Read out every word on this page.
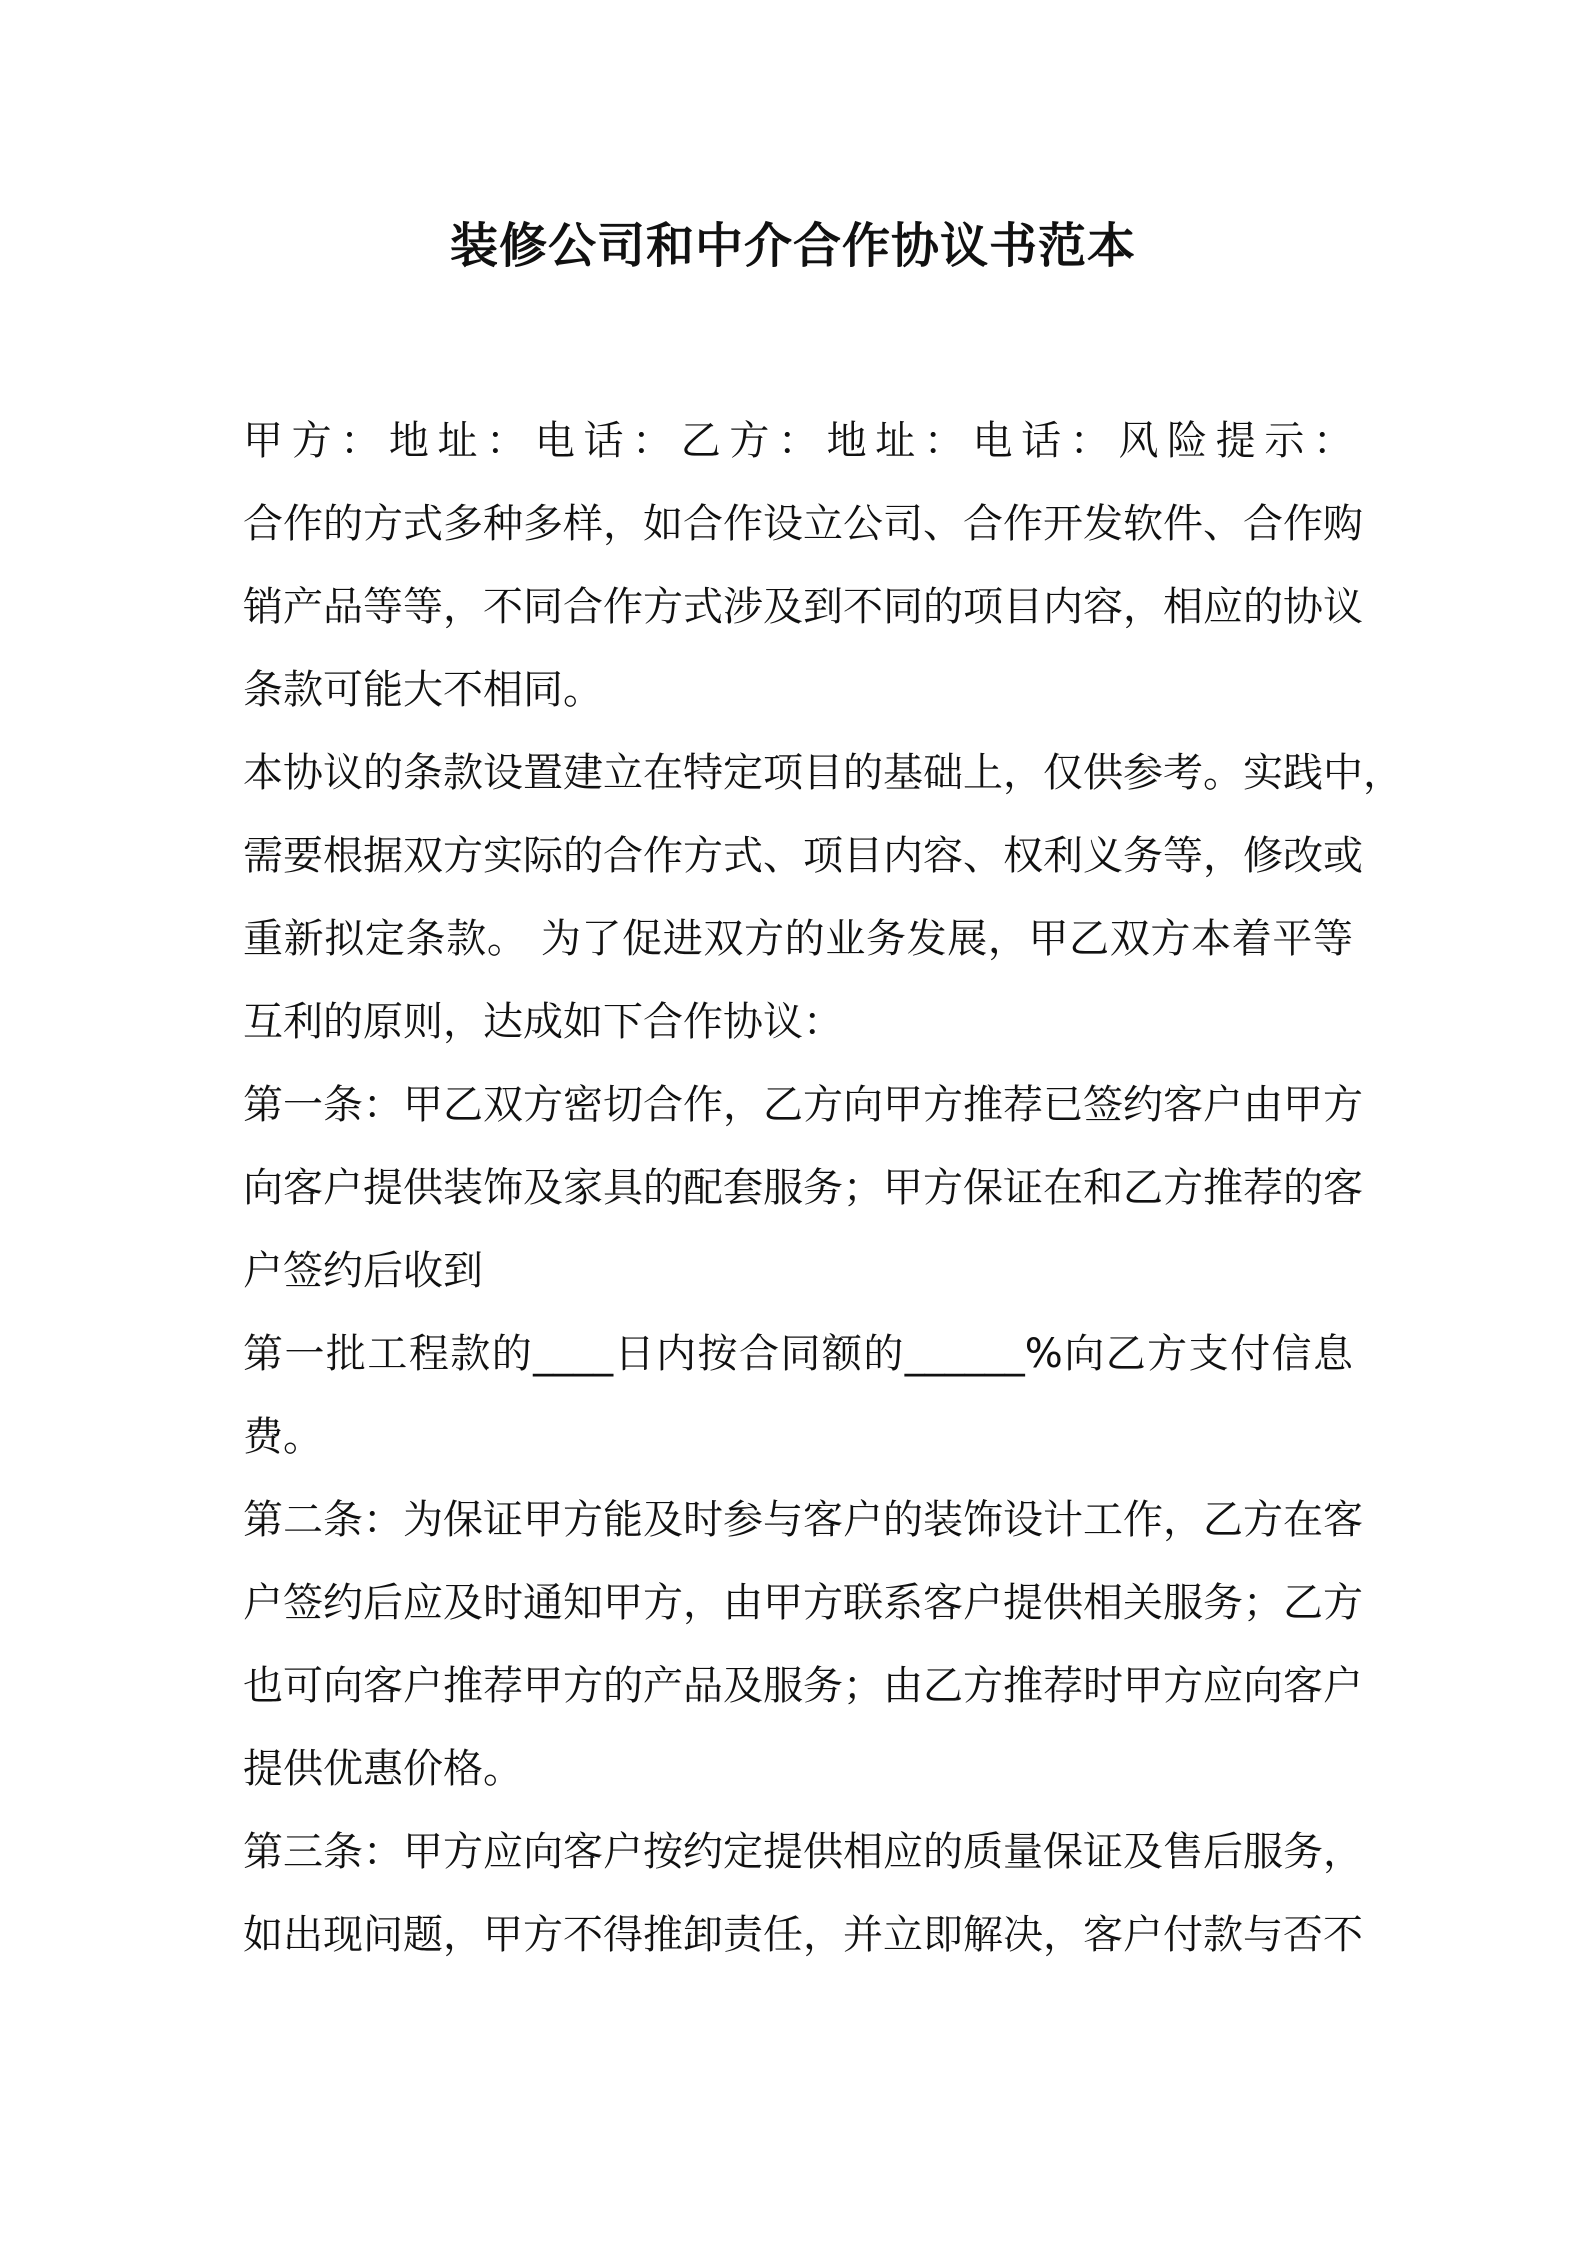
装修公司和中介合作协议书范本
甲方：地址：电话：乙方：地址：电话：风险提示：
合作的方式多种多样，如合作设立公司、合作开发软件、合作购
销产品等等，不同合作方式涉及到不同的项目内容，相应的协议
条款可能大不相同。
本协议的条款设置建立在特定项目的基础上，仅供参考。实践中，
需要根据双方实际的合作方式、项目内容、权利义务等，修改或
重新拟定条款。 为了促进双方的业务发展，甲乙双方本着平等
互利的原则，达成如下合作协议：
第一条：甲乙双方密切合作，乙方向甲方推荐已签约客户由甲方
向客户提供装饰及家具的配套服务；甲方保证在和乙方推荐的客
户签约后收到
第一批工程款的____日内按合同额的______%向乙方支付信息
费。
第二条：为保证甲方能及时参与客户的装饰设计工作，乙方在客
户签约后应及时通知甲方，由甲方联系客户提供相关服务；乙方
也可向客户推荐甲方的产品及服务；由乙方推荐时甲方应向客户
提供优惠价格。
第三条：甲方应向客户按约定提供相应的质量保证及售后服务，
如出现问题，甲方不得推卸责任，并立即解决，客户付款与否不
